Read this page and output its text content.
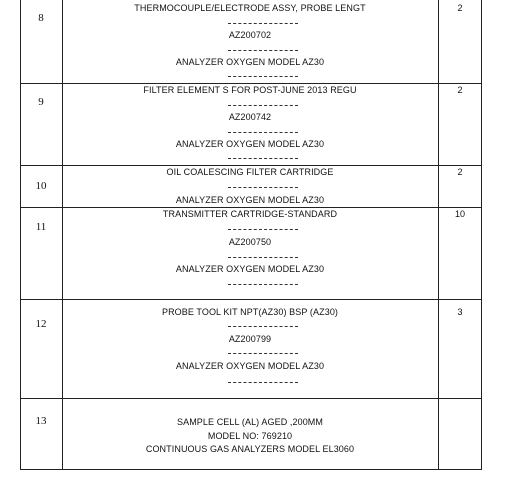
8
THERMOCOUPLE/ELECTRODE ASSY, PROBE LENGT
AZ200702
ANALYZER OXYGEN MODEL AZ30
2
9
FILTER ELEMENT S FOR POST-JUNE 2013 REGU
AZ200742
ANALYZER OXYGEN MODEL AZ30
2
10
OIL COALESCING FILTER CARTRIDGE
ANALYZER OXYGEN MODEL AZ30
2
11
TRANSMITTER CARTRIDGE-STANDARD
AZ200750
ANALYZER OXYGEN MODEL AZ30
10
12
PROBE TOOL KIT NPT(AZ30) BSP (AZ30)
AZ200799
ANALYZER OXYGEN MODEL AZ30
3
13	SAMPLE CELL (AL) AGED ,200MM
MODEL NO: 769210
CONTINUOUS GAS ANALYZERS MODEL EL3060
